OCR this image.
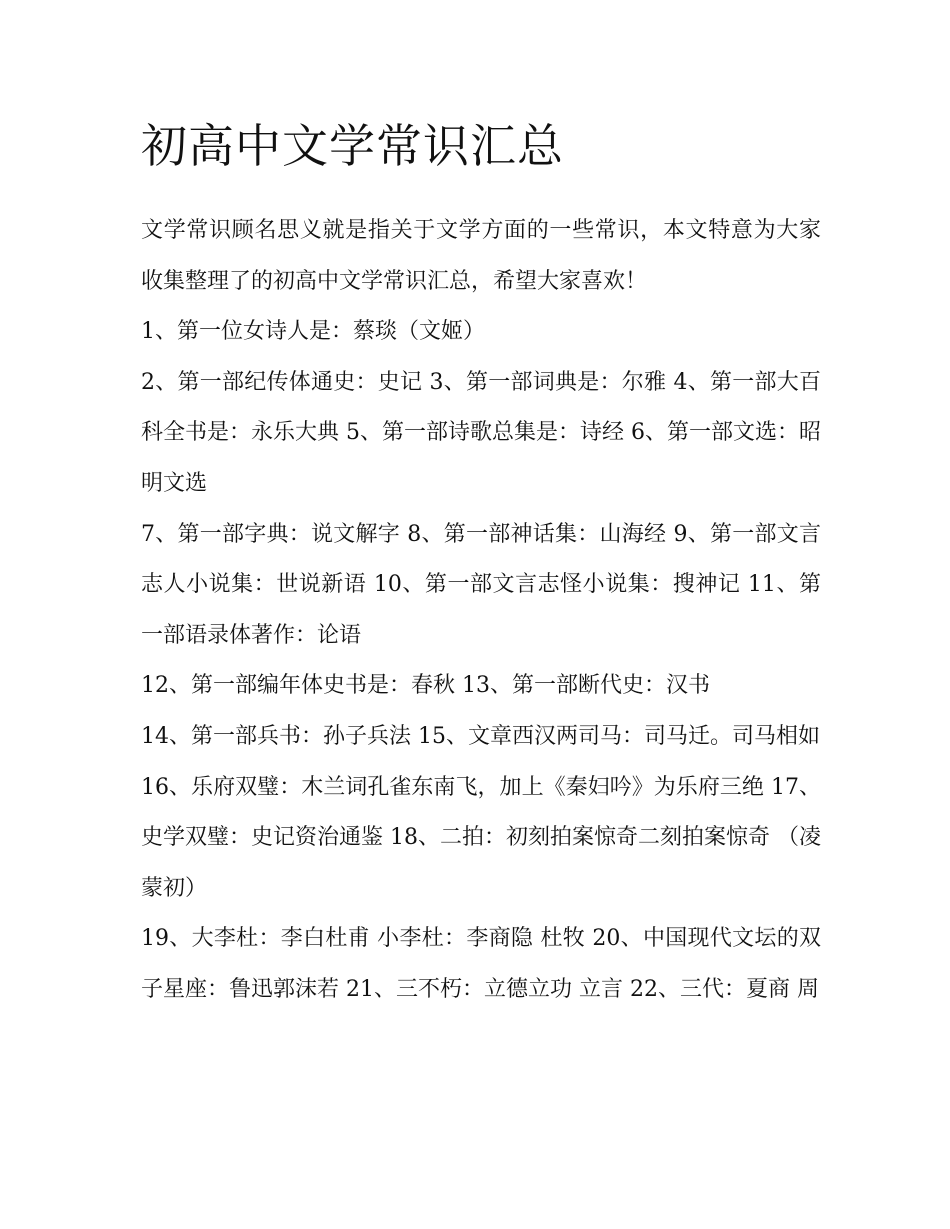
初高中文学常识汇总

文学常识顾名思义就是指关于文学方面的一些常识，本文特意为大家收集整理了的初高中文学常识汇总，希望大家喜欢！

1、第一位女诗人是：蔡琰（文姬）

2、第一部纪传体通史：史记 3、第一部词典是：尔雅 4、第一部大百科全书是：永乐大典 5、第一部诗歌总集是：诗经 6、第一部文选：昭明文选

7、第一部字典：说文解字 8、第一部神话集：山海经 9、第一部文言志人小说集：世说新语 10、第一部文言志怪小说集：搜神记 11、第一部语录体著作：论语

12、第一部编年体史书是：春秋 13、第一部断代史：汉书

14、第一部兵书：孙子兵法 15、文章西汉两司马：司马迁。司马相如

16、乐府双璧：木兰词孔雀东南飞，加上《秦妇吟》为乐府三绝 17、史学双璧：史记资治通鉴 18、二拍：初刻拍案惊奇二刻拍案惊奇 （凌蒙初）

19、大李杜：李白杜甫 小李杜：李商隐 杜牧 20、中国现代文坛的双子星座：鲁迅郭沫若 21、三不朽：立德立功 立言 22、三代：夏商 周
